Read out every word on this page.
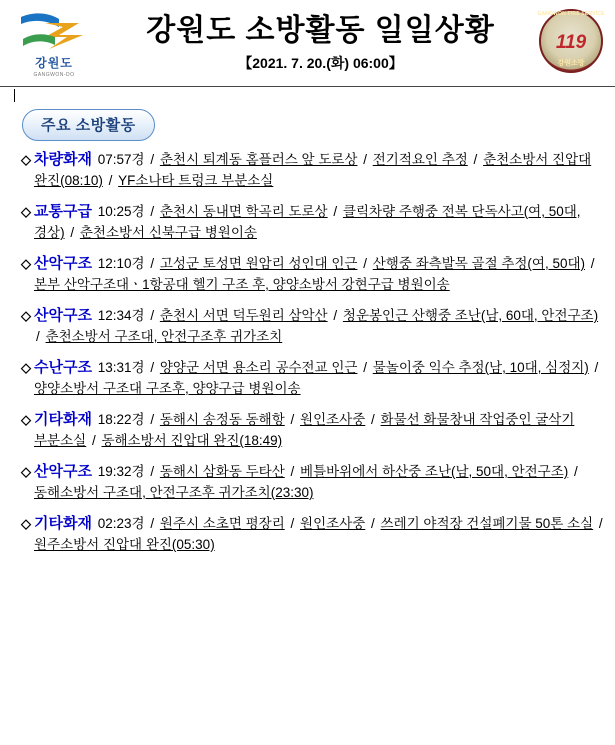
강원도
GANGWON-DO
강원도 소방활동 일일상황
【2021. 7. 20.(화) 06:00】
GANGWON FIRE SERVICE
119
강원소방
주요 소방활동
◇ 차량화재 07:57경 / 춘천시 퇴계동 홈플러스 앞 도로상 / 전기적요인 추정 / 춘천소방서 진압대 완진(08:10) / YF소나타 트렁크 부분소실
◇ 교통구급 10:25경 / 춘천시 동내면 학곡리 도로상 / 클릭차량 주행중 전복 단독사고(여, 50대, 경상) / 춘천소방서 신북구급 병원이송
◇ 산악구조 12:10경 / 고성군 토성면 원암리 성인대 인근 / 산행중 좌측발목 골절 추정(여, 50대) / 본부 산악구조대ㆍ1항공대 헬기 구조 후, 양양소방서 강현구급 병원이송
◇ 산악구조 12:34경 / 춘천시 서면 덕두원리 삼악산 / 청운봉인근 산행중 조난(남, 60대, 안전구조) / 춘천소방서 구조대, 안전구조후 귀가조치
◇ 수난구조 13:31경 / 양양군 서면 용소리 공수전교 인근 / 물놀이중 익수 추정(남, 10대, 심정지) / 양양소방서 구조대 구조후, 양양구급 병원이송
◇ 기타화재 18:22경 / 동해시 송정동 동해항 / 원인조사중 / 화물선 화물창내 작업중인 굴삭기 부분소실 / 동해소방서 진압대 완진(18:49)
◇ 산악구조 19:32경 / 동해시 삼화동 두타산 / 베틀바위에서 하산중 조난(남, 50대, 안전구조) / 동해소방서 구조대, 안전구조후 귀가조치(23:30)
◇ 기타화재 02:23경 / 원주시 소초면 평장리 / 원인조사중 / 쓰레기 야적장 건설폐기물 50톤 소실 / 원주소방서 진압대 완진(05:30)
